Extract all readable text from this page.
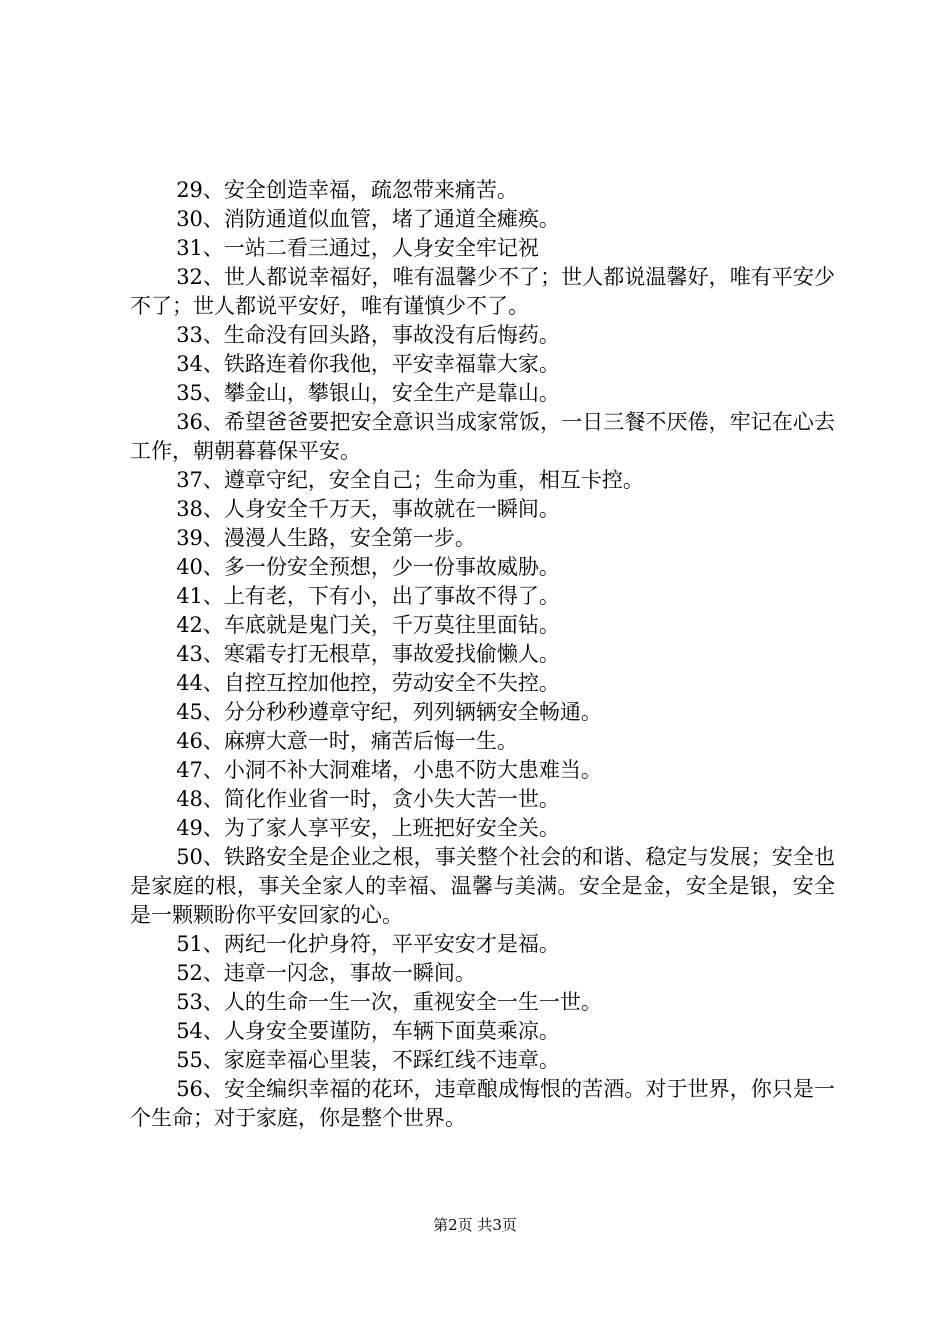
29、安全创造幸福，疏忽带来痛苦。

30、消防通道似血管，堵了通道全瘫痪。

31、一站二看三通过，人身安全牢记祝

32、世人都说幸福好，唯有温馨少不了；世人都说温馨好，唯有平安少不了；世人都说平安好，唯有谨慎少不了。

33、生命没有回头路，事故没有后悔药。

34、铁路连着你我他，平安幸福靠大家。

35、攀金山，攀银山，安全生产是靠山。

36、希望爸爸要把安全意识当成家常饭，一日三餐不厌倦，牢记在心去工作，朝朝暮暮保平安。

37、遵章守纪，安全自己；生命为重，相互卡控。

38、人身安全千万天，事故就在一瞬间。

39、漫漫人生路，安全第一步。

40、多一份安全预想，少一份事故威胁。

41、上有老，下有小，出了事故不得了。

42、车底就是鬼门关，千万莫往里面钻。

43、寒霜专打无根草，事故爱找偷懒人。

44、自控互控加他控，劳动安全不失控。

45、分分秒秒遵章守纪，列列辆辆安全畅通。

46、麻痹大意一时，痛苦后悔一生。

47、小洞不补大洞难堵，小患不防大患难当。

48、简化作业省一时，贪小失大苦一世。

49、为了家人享平安，上班把好安全关。

50、铁路安全是企业之根，事关整个社会的和谐、稳定与发展；安全也是家庭的根，事关全家人的幸福、温馨与美满。安全是金，安全是银，安全是一颗颗盼你平安回家的心。

51、两纪一化护身符，平平安安才是福。

52、违章一闪念，事故一瞬间。

53、人的生命一生一次，重视安全一生一世。

54、人身安全要谨防，车辆下面莫乘凉。

55、家庭幸福心里装，不踩红线不违章。

56、安全编织幸福的花环，违章酿成悔恨的苦酒。对于世界，你只是一个生命；对于家庭，你是整个世界。

第2页 共3页
